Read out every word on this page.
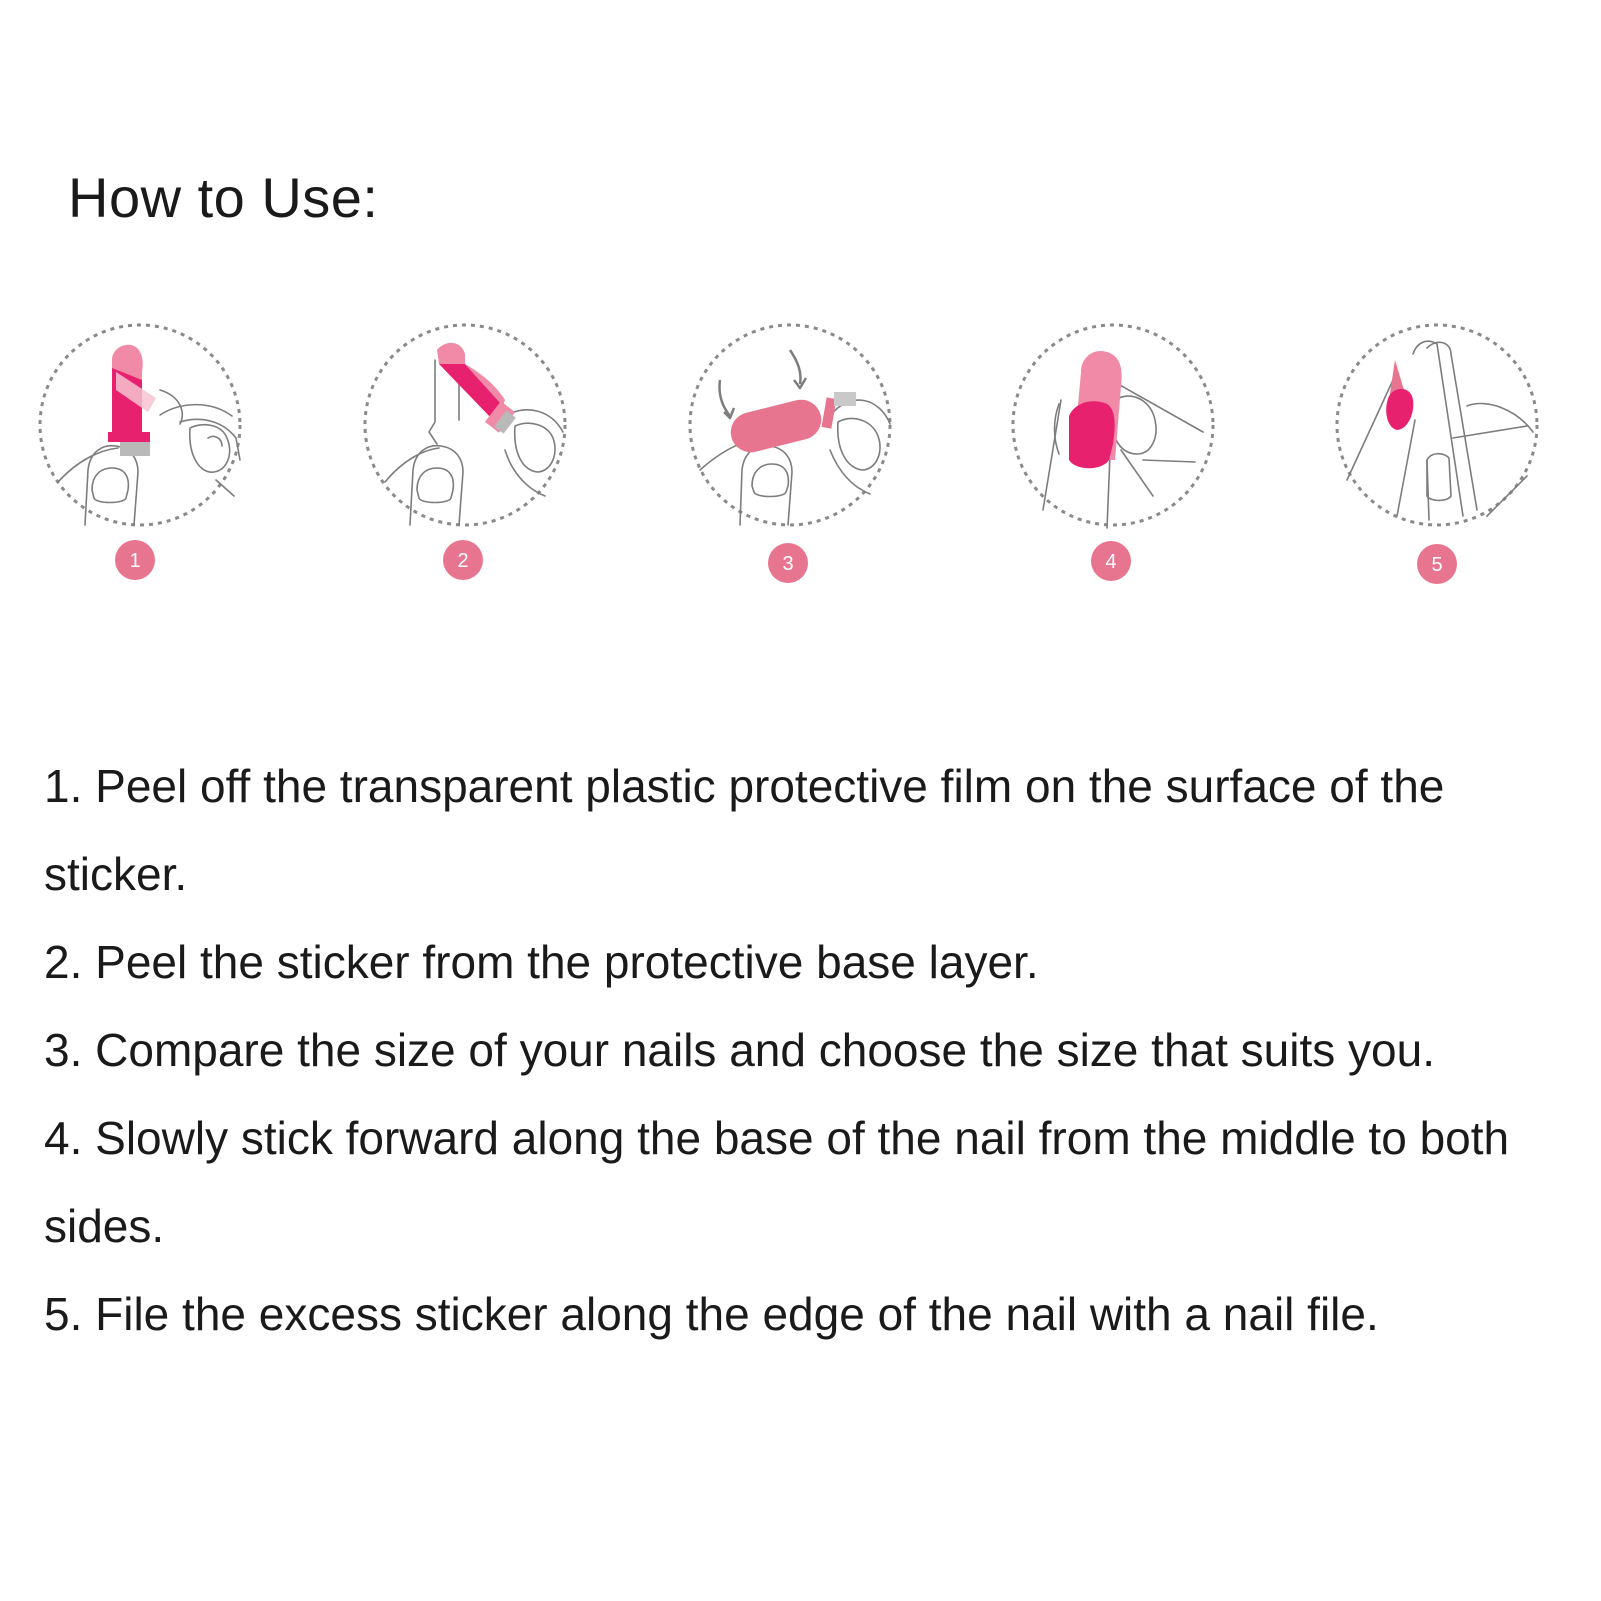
How to Use:
1	2	3	4	5
1. Peel off the transparent plastic protective film on the surface of the sticker.
2. Peel the sticker from the protective base layer.
3. Compare the size of your nails and choose the size that suits you.
4. Slowly stick forward along the base of the nail from the middle to both sides.
5. File the excess sticker along the edge of the nail with a nail file.
